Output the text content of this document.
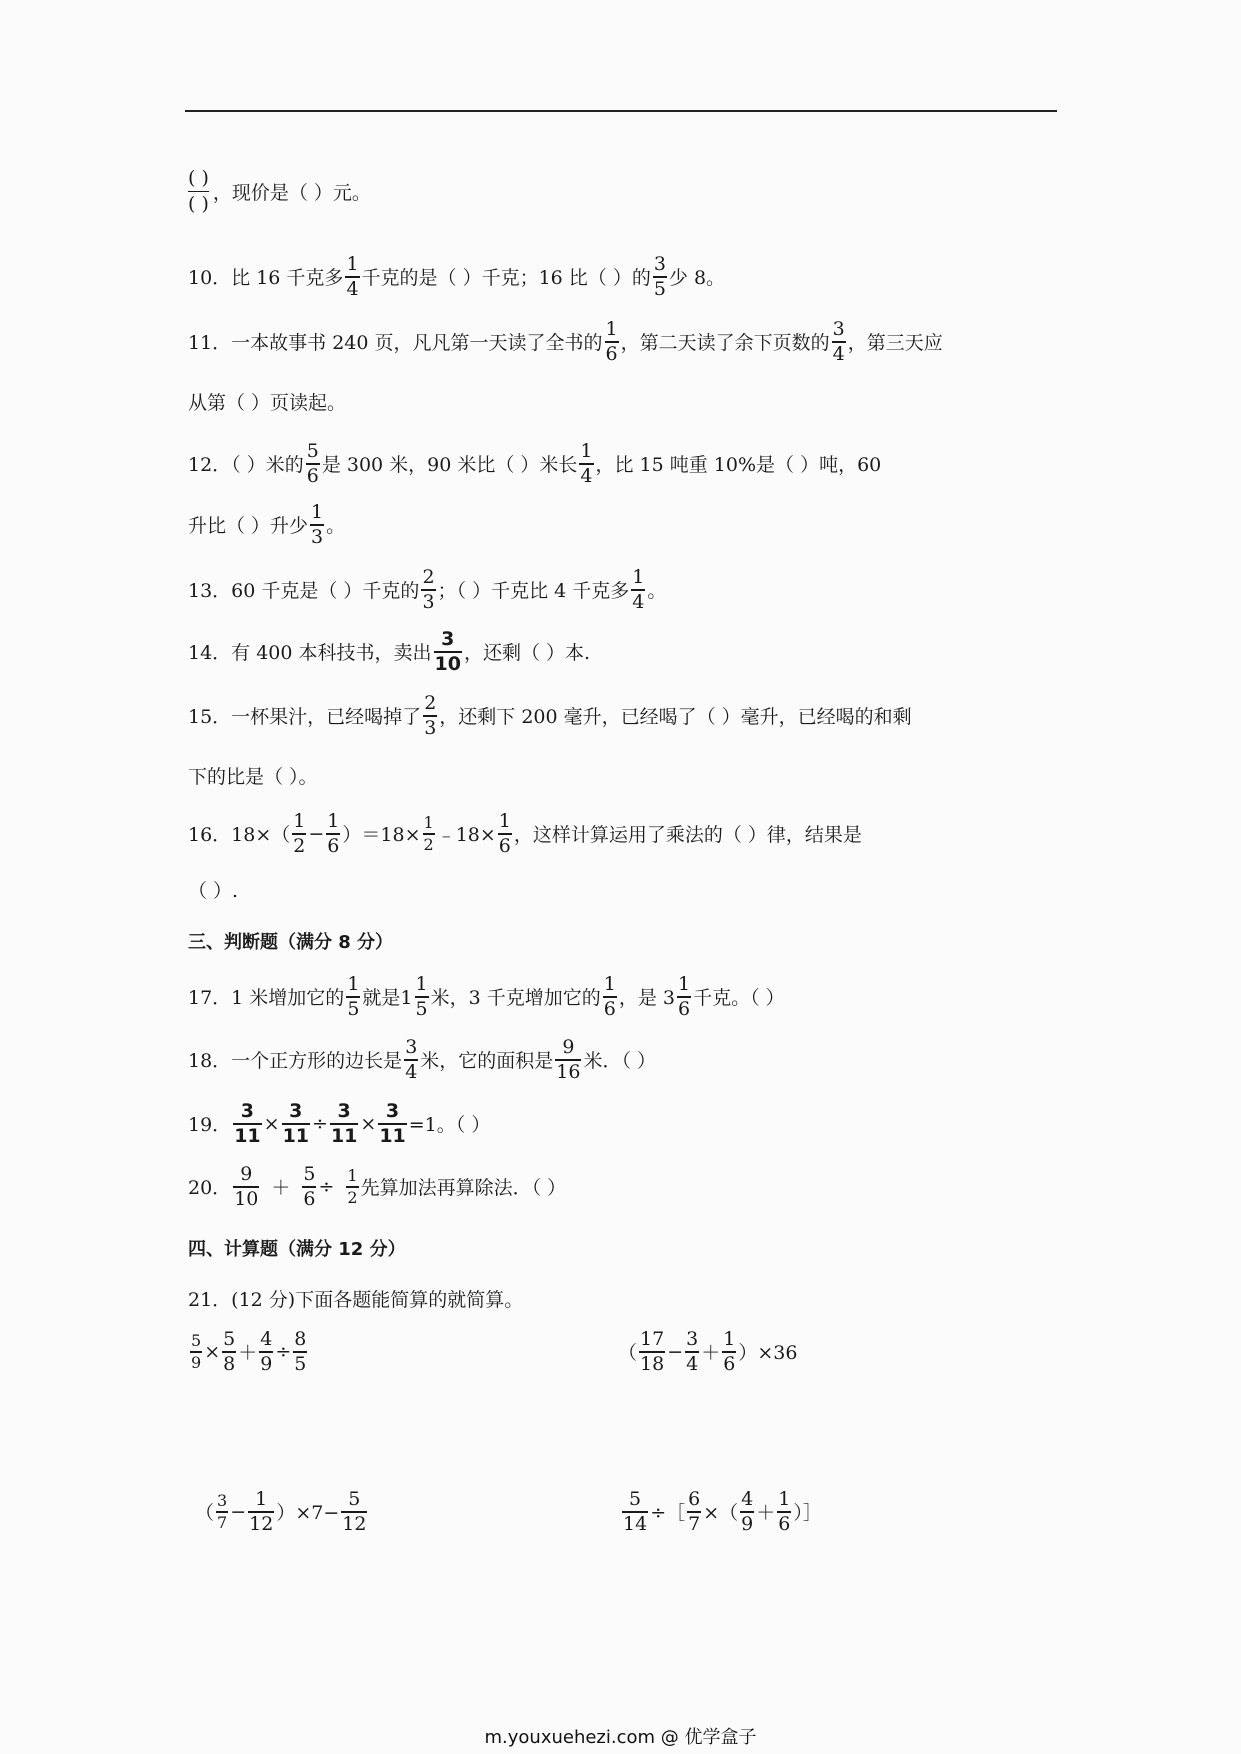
$\frac{( )}{( )}$ ，现价是（ ）元。
10．比 16 千克多 $\frac{1}{4}$ 千克的是（ ）千克；16 比（ ）的 $\frac{3}{5}$ 少 8。
11．一本故事书 240 页，凡凡第一天读了全书的 $\frac{1}{6}$ ，第二天读了余下页数的 $\frac{3}{4}$ ，第三天应
从第（ ）页读起。
12．（ ）米的 $\frac{5}{6}$ 是 300 米，90 米比（ ）米长 $\frac{1}{4}$ ，比 15 吨重 10%是（ ）吨，60
升比（ ）升少 $\frac{1}{3}$ 。
13．60 千克是（ ）千克的 $\frac{2}{3}$ ；（ ）千克比 4 千克多 $\frac{1}{4}$ 。
14．有 400 本科技书，卖出 $\frac{3}{10}$ ，还剩（ ）本.
15．一杯果汁，已经喝掉了 $\frac{2}{3}$ ，还剩下 200 毫升，已经喝了（ ）毫升，已经喝的和剩
下的比是（ ）。
16．$18\times( \frac{1}{2} - \frac{1}{6} )=18\times \frac{1}{2}$ ﹣18× $\frac{1}{6}$ ，这样计算运用了乘法的（ ）律，结果是
（ ）.
三、判断题（满分 8 分）
17．1 米增加它的 $\frac{1}{5}$ 就是$1 \frac{1}{5}$ 米，3 千克增加它的 $\frac{1}{6}$ ，是 $3 \frac{1}{6}$ 千克。（ ）
18．一个正方形的边长是 $\frac{3}{4}$ 米，它的面积是 $\frac{9}{16}$ 米．（ ）
19． $\frac{3}{11} \times \frac{3}{11} \div \frac{3}{11} \times \frac{3}{11} =1$。（ ）
20． $\frac{9}{10} + \frac{5}{6} \div \frac{1}{2}$ 先算加法再算除法．（ ）
四、计算题（满分 12 分）
21．(12 分)下面各题能简算的就简算。
$\frac{5}{9} \times \frac{5}{8} + \frac{4}{9} \div \frac{8}{5}$	（ $\frac{17}{18} - \frac{3}{4} + \frac{1}{6} )\times 36$
（ $\frac{3}{7} - \frac{1}{12} )\times 7- \frac{5}{12}$	$\frac{5}{14}$ ÷［ $\frac{6}{7}$ ×（ $\frac{4}{9} + \frac{1}{6}$ ）］
m.youxuehezi.com @ 优学盒子
